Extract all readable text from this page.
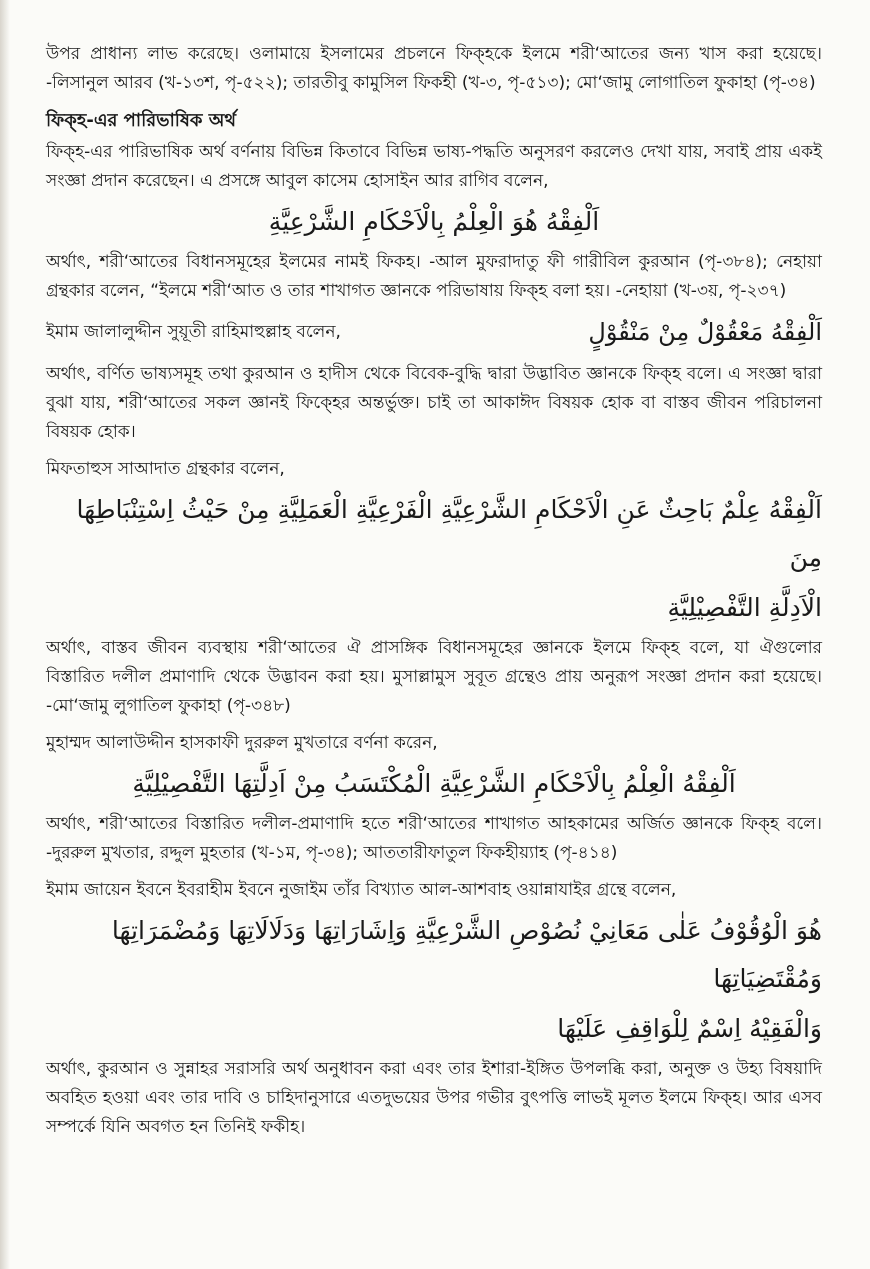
উপর প্রাধান্য লাভ করেছে। ওলামায়ে ইসলামের প্রচলনে ফিক্হকে ইলমে শরী‘আতের জন্য খাস করা হয়েছে। -লিসানুল আরব (খ-১৩শ, পৃ-৫২২); তারতীবু কামুসিল ফিকহী (খ-৩, পৃ-৫১৩); মো‘জামু লোগাতিল ফুকাহা (পৃ-৩৪)

ফিক্হ-এর পারিভাষিক অর্থ

ফিক্হ-এর পারিভাষিক অর্থ বর্ণনায় বিভিন্ন কিতাবে বিভিন্ন ভাষ্য-পদ্ধতি অনুসরণ করলেও দেখা যায়, সবাই প্রায় একই সংজ্ঞা প্রদান করেছেন। এ প্রসঙ্গে আবুল কাসেম হোসাইন আর রাগিব বলেন,

اَلْفِقْهُ هُوَ الْعِلْمُ بِالْاَحْكَامِ الشَّرْعِيَّةِ

অর্থাৎ, শরী‘আতের বিধানসমূহের ইলমের নামই ফিকহ। -আল মুফরাদাতু ফী গারীবিল কুরআন (পৃ-৩৮৪); নেহায়া গ্রন্থকার বলেন, “ইলমে শরী‘আত ও তার শাখাগত জ্ঞানকে পরিভাষায় ফিক্হ বলা হয়। -নেহায়া (খ-৩য়, পৃ-২৩৭)

ইমাম জালালুদ্দীন সুয়ূতী রাহিমাহুল্লাহ বলেন,	اَلْفِقْهُ مَعْقُوْلٌ مِنْ مَنْقُوْلٍ

অর্থাৎ, বর্ণিত ভাষ্যসমূহ তথা কুরআন ও হাদীস থেকে বিবেক-বুদ্ধি দ্বারা উদ্ভাবিত জ্ঞানকে ফিক্হ বলে। এ সংজ্ঞা দ্বারা বুঝা যায়, শরী‘আতের সকল জ্ঞানই ফিক্হের অন্তর্ভুক্ত। চাই তা আকাঈদ বিষয়ক হোক বা বাস্তব জীবন পরিচালনা বিষয়ক হোক।

মিফতাহুস সাআদাত গ্রন্থকার বলেন,

اَلْفِقْهُ عِلْمٌ بَاحِثٌ عَنِ الْاَحْكَامِ الشَّرْعِيَّةِ الْفَرْعِيَّةِ الْعَمَلِيَّةِ مِنْ حَيْثُ اِسْتِنْبَاطِهَا مِنَ
الْاَدِلَّةِ التَّفْصِيْلِيَّةِ

অর্থাৎ, বাস্তব জীবন ব্যবস্থায় শরী‘আতের ঐ প্রাসঙ্গিক বিধানসমূহের জ্ঞানকে ইলমে ফিক্হ বলে, যা ঐগুলোর বিস্তারিত দলীল প্রমাণাদি থেকে উদ্ভাবন করা হয়। মুসাল্লামুস সুবূত গ্রন্থেও প্রায় অনুরূপ সংজ্ঞা প্রদান করা হয়েছে। -মো‘জামু লুগাতিল ফুকাহা (পৃ-৩৪৮)

মুহাম্মদ আলাউদ্দীন হাসকাফী দুররুল মুখতারে বর্ণনা করেন,

اَلْفِقْهُ الْعِلْمُ بِالْاَحْكَامِ الشَّرْعِيَّةِ الْمُكْتَسَبُ مِنْ اَدِلَّتِهَا التَّفْصِيْلِيَّةِ

অর্থাৎ, শরী‘আতের বিস্তারিত দলীল-প্রমাণাদি হতে শরী‘আতের শাখাগত আহকামের অর্জিত জ্ঞানকে ফিক্হ বলে। -দুররুল মুখতার, রদ্দুল মুহতার (খ-১ম, পৃ-৩৪); আততারীফাতুল ফিকহীয়্যাহ (পৃ-৪১৪)

ইমাম জায়েন ইবনে ইবরাহীম ইবনে নুজাইম তাঁর বিখ্যাত আল-আশবাহ ওয়ান্নাযাইর গ্রন্থে বলেন,

هُوَ الْوُقُوْفُ عَلٰى مَعَانِيْ نُصُوْصِ الشَّرْعِيَّةِ وَاِشَارَاتِهَا وَدَلَالَاتِهَا وَمُضْمَرَاتِهَا وَمُقْتَضِيَاتِهَا
وَالْفَقِيْهُ اِسْمٌ لِلْوَاقِفِ عَلَيْهَا

অর্থাৎ, কুরআন ও সুন্নাহর সরাসরি অর্থ অনুধাবন করা এবং তার ইশারা-ইঙ্গিত উপলব্ধি করা, অনুক্ত ও উহ্য বিষয়াদি অবহিত হওয়া এবং তার দাবি ও চাহিদানুসারে এতদুভয়ের উপর গভীর বুৎপত্তি লাভই মূলত ইলমে ফিক্হ। আর এসব সম্পর্কে যিনি অবগত হন তিনিই ফকীহ।
